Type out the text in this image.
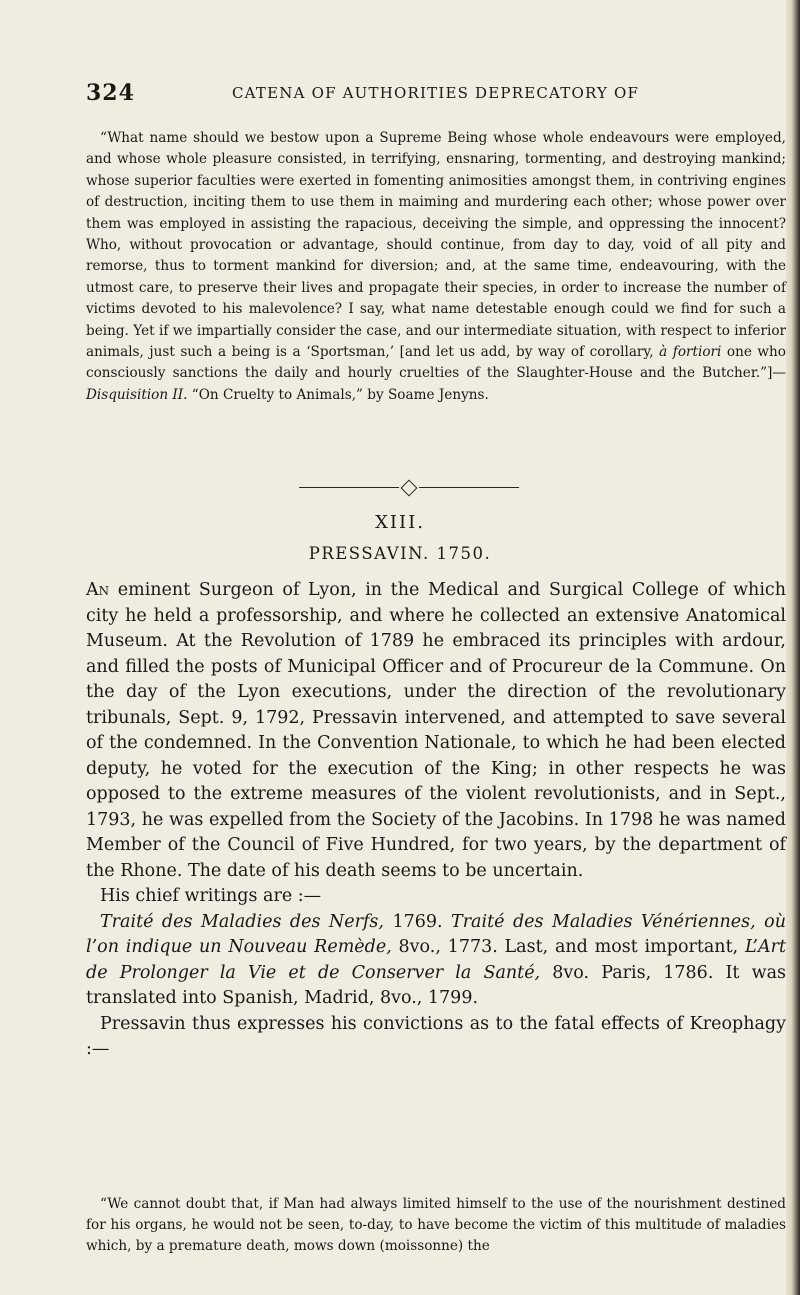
324	CATENA OF AUTHORITIES DEPRECATORY OF

“What name should we bestow upon a Supreme Being whose whole endeavours were employed, and whose whole pleasure consisted, in terrifying, ensnaring, tormenting, and destroying mankind; whose superior faculties were exerted in fomenting animosities amongst them, in contriving engines of destruction, inciting them to use them in maiming and murdering each other; whose power over them was employed in assisting the rapacious, deceiving the simple, and oppressing the innocent? Who, without provocation or advantage, should continue, from day to day, void of all pity and remorse, thus to torment mankind for diversion; and, at the same time, endeavouring, with the utmost care, to preserve their lives and propagate their species, in order to increase the number of victims devoted to his malevolence? I say, what name detestable enough could we find for such a being. Yet if we impartially consider the case, and our intermediate situation, with respect to inferior animals, just such a being is a ‘Sportsman,’ [and let us add, by way of corollary, à fortiori one who consciously sanctions the daily and hourly cruelties of the Slaughter-House and the Butcher.”]—Disquisition II. “On Cruelty to Animals,” by Soame Jenyns.

XIII.
PRESSAVIN. 1750.

An eminent Surgeon of Lyon, in the Medical and Surgical College of which city he held a professorship, and where he collected an extensive Anatomical Museum. At the Revolution of 1789 he embraced its principles with ardour, and filled the posts of Municipal Officer and of Procureur de la Commune. On the day of the Lyon executions, under the direction of the revolutionary tribunals, Sept. 9, 1792, Pressavin intervened, and attempted to save several of the condemned. In the Convention Nationale, to which he had been elected deputy, he voted for the execution of the King; in other respects he was opposed to the extreme measures of the violent revolutionists, and in Sept., 1793, he was expelled from the Society of the Jacobins. In 1798 he was named Member of the Council of Five Hundred, for two years, by the department of the Rhone. The date of his death seems to be uncertain.

His chief writings are :—

Traité des Maladies des Nerfs, 1769. Traité des Maladies Vénériennes, où l’on indique un Nouveau Remède, 8vo., 1773. Last, and most important, L’Art de Prolonger la Vie et de Conserver la Santé, 8vo. Paris, 1786. It was translated into Spanish, Madrid, 8vo., 1799.

Pressavin thus expresses his convictions as to the fatal effects of Kreophagy :—

“We cannot doubt that, if Man had always limited himself to the use of the nourishment destined for his organs, he would not be seen, to-day, to have become the victim of this multitude of maladies which, by a premature death, mows down (moissonne) the
